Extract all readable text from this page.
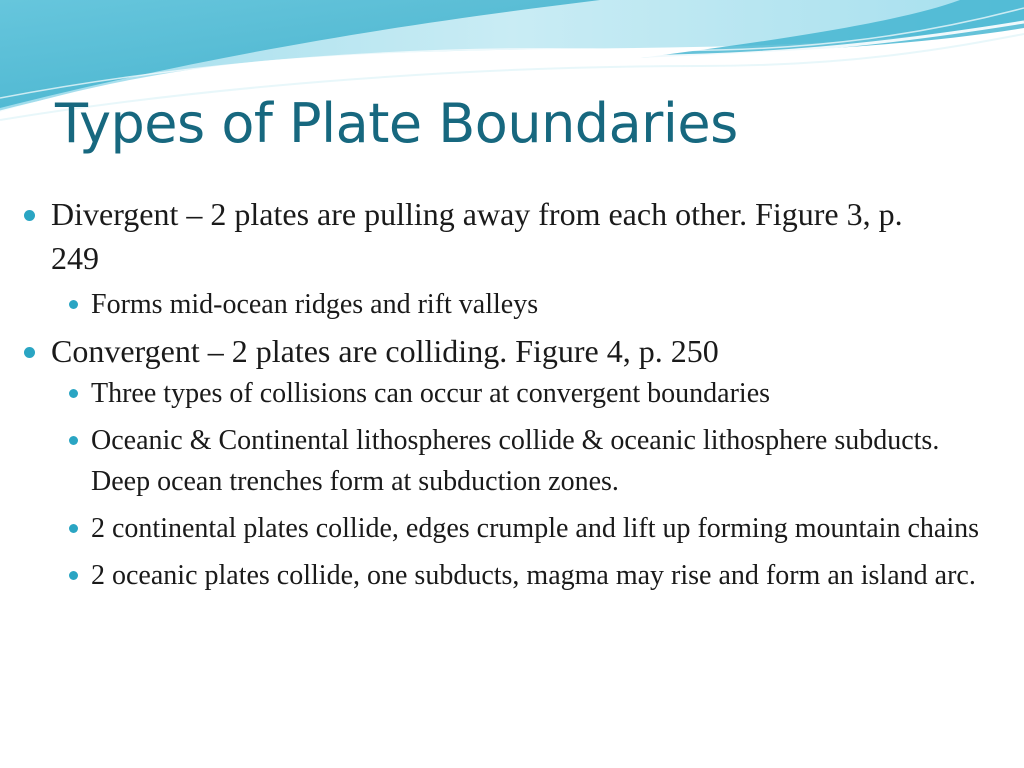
Types of Plate Boundaries

Divergent – 2 plates are pulling away from each other. Figure 3, p. 249

Forms mid-ocean ridges and rift valleys

Convergent – 2 plates are colliding. Figure 4, p. 250

Three types of collisions can occur at convergent boundaries

Oceanic & Continental lithospheres collide & oceanic lithosphere subducts. Deep ocean trenches form at subduction zones.

2 continental plates collide, edges crumple and lift up forming mountain chains

2 oceanic plates collide, one subducts, magma may rise and form an island arc.
